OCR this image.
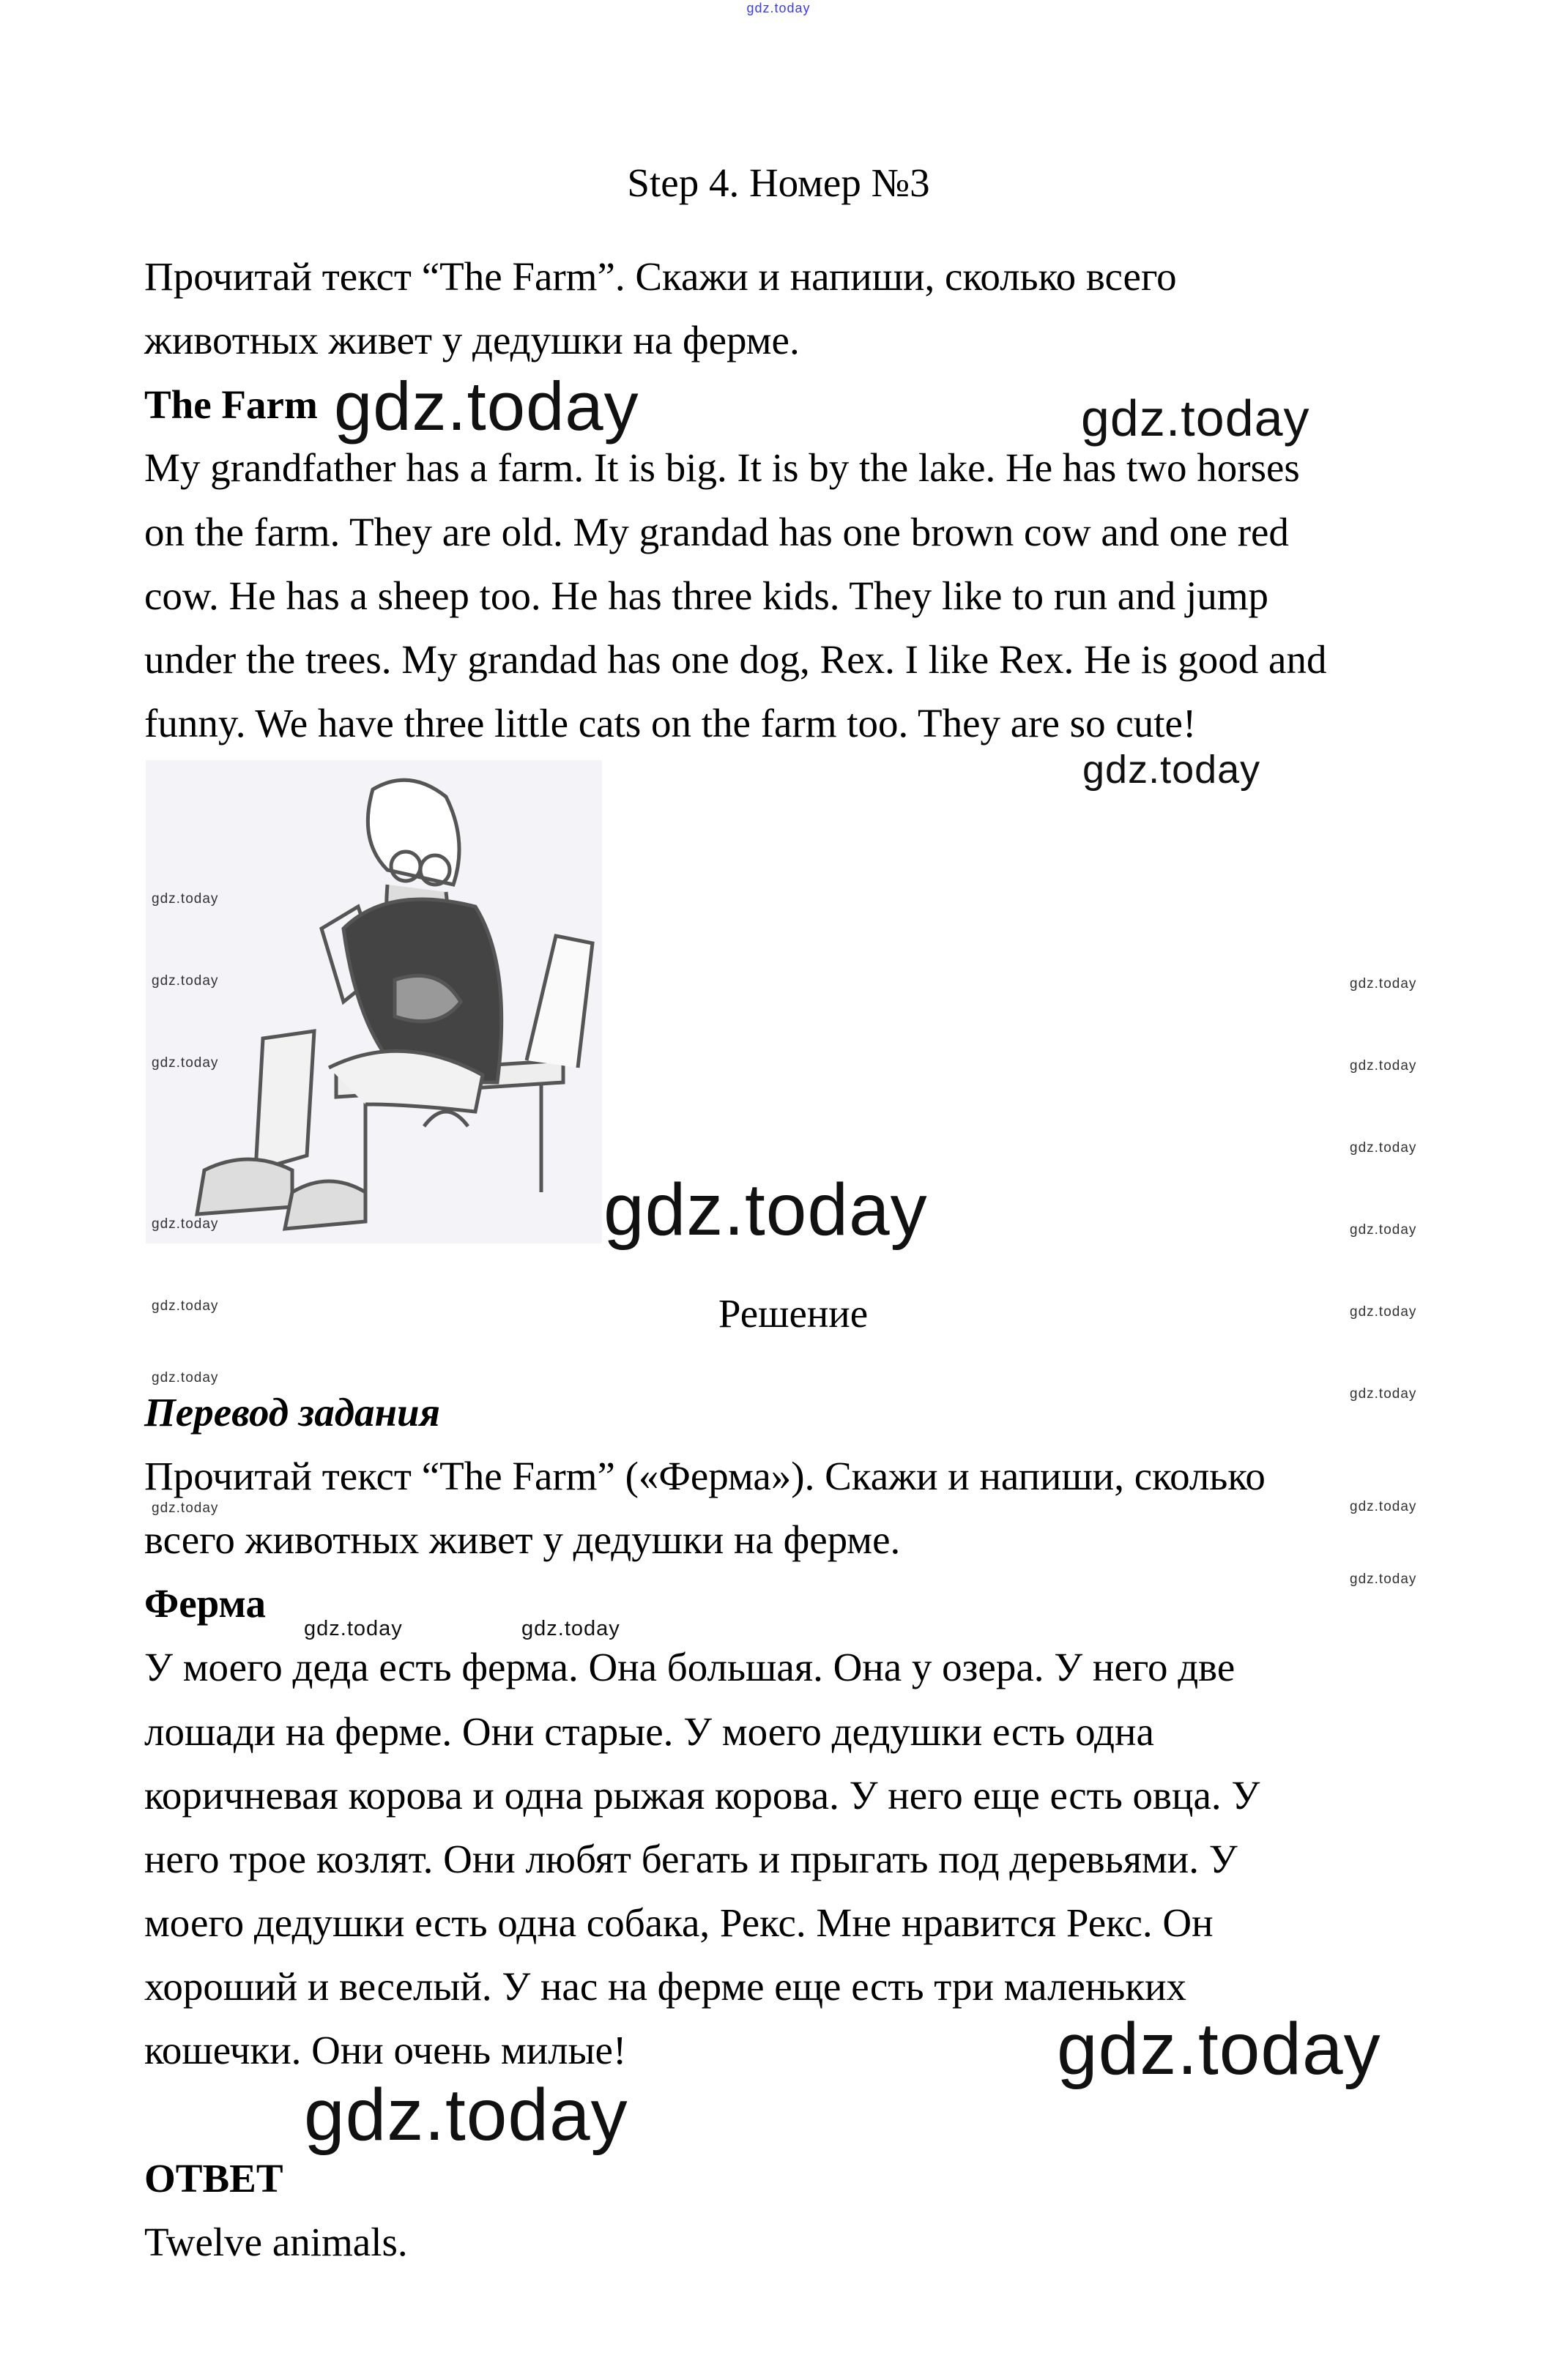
gdz.today
Step 4. Номер №3
Прочитай текст “The Farm”. Скажи и напиши, сколько всего
животных живет у дедушки на ферме.
The Farm gdz.today	gdz.today
My grandfather has a farm. It is big. It is by the lake. He has two horses
on the farm. They are old. My grandad has one brown cow and one red
cow. He has a sheep too. He has three kids. They like to run and jump
under the trees. My grandad has one dog, Rex. I like Rex. He is good and
funny. We have three little cats on the farm too. They are so cute!
gdz.today
gdz.today
gdz.today
gdz.today
gdz.today
gdz.today
gdz.today
gdz.today
gdz.today
gdz.today
gdz.today
gdz.today
gdz.today
gdz.today
gdz.today
gdz.today
gdz.today
Решение
Перевод задания
Прочитай текст “The Farm” («Ферма»). Скажи и напиши, сколько
всего животных живет у дедушки на ферме.
Ферма
gdz.today	gdz.today
У моего деда есть ферма. Она большая. Она у озера. У него две
лошади на ферме. Они старые. У моего дедушки есть одна
коричневая корова и одна рыжая корова. У него еще есть овца. У
него трое козлят. Они любят бегать и прыгать под деревьями. У
моего дедушки есть одна собака, Рекс. Мне нравится Рекс. Он
хороший и веселый. У нас на ферме еще есть три маленьких
кошечки. Они очень милые!	gdz.today
gdz.today
ОТВЕТ
Twelve animals.
